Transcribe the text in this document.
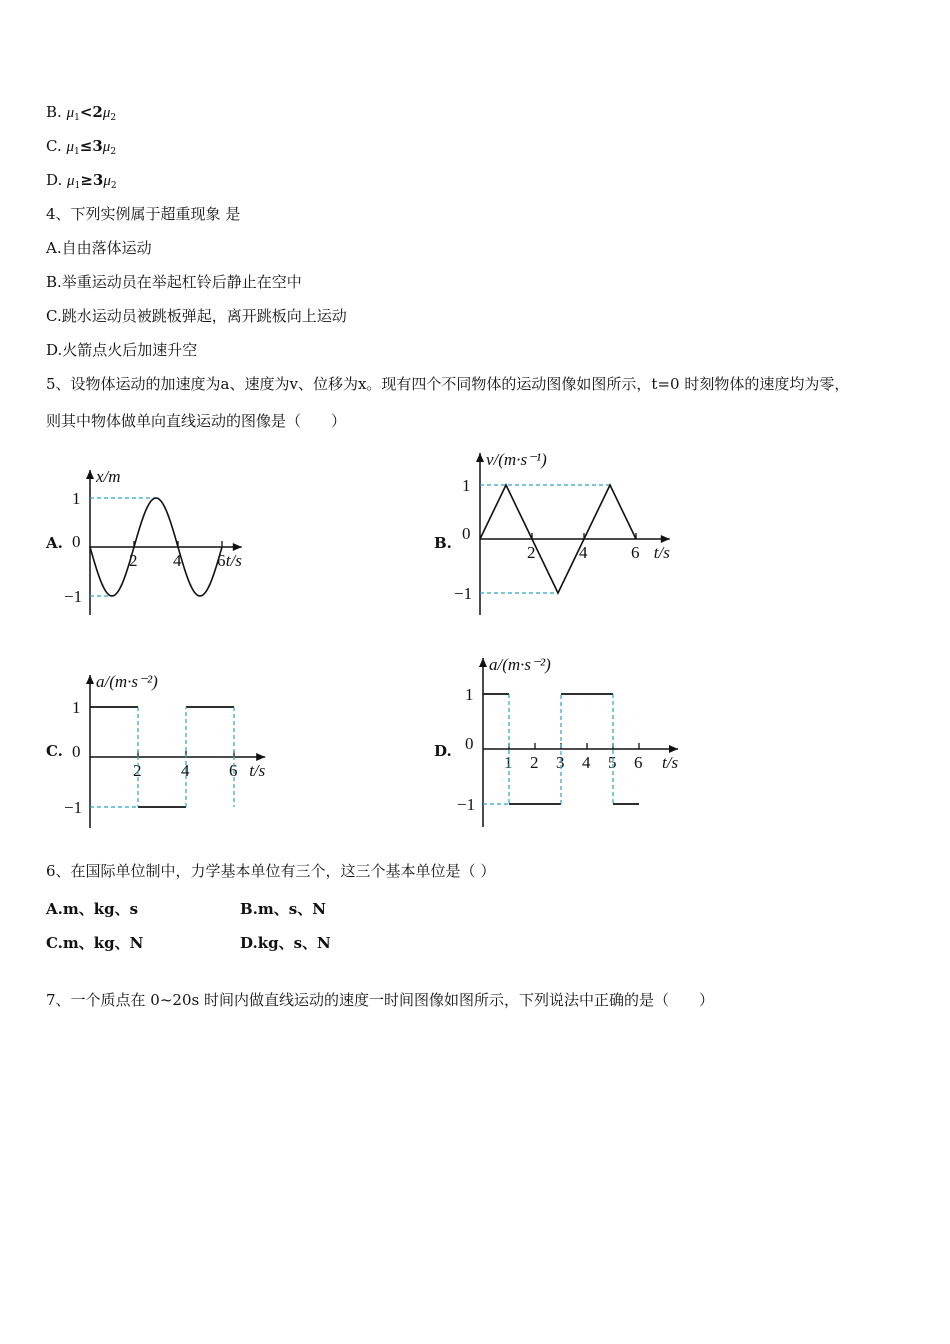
B. $\mu_1<2\mu_2$
C. $\mu_1\le 3\mu_2$
D. $\mu_1\ge 3\mu_2$
4、下列实例属于超重现象 是
A.自由落体运动
B.举重运动员在举起杠铃后静止在空中
C.跳水运动员被跳板弹起，离开跳板向上运动
D.火箭点火后加速升空
5、设物体运动的加速度为a、速度为v、位移为x。现有四个不同物体的运动图像如图所示，t=0 时刻物体的速度均为零，
则其中物体做单向直线运动的图像是（　　）
A.	B.
C.	D.
2 4 6
1
0
−1
x/m
t/s	2	4	6
1
0
−1
v/(m·s⁻¹)
t/s
2 4 6
1
0
−1
a/(m·s⁻²)
t/s	1 2 3 4 5 6
1
0
−1
a/(m·s⁻²)
t/s
6、在国际单位制中，力学基本单位有三个，这三个基本单位是（ ）
A.m、kg、s	B.m、s、N
C.m、kg、N	D.kg、s、N
7、一个质点在 0~20s 时间内做直线运动的速度一时间图像如图所示，下列说法中正确的是（　　）
